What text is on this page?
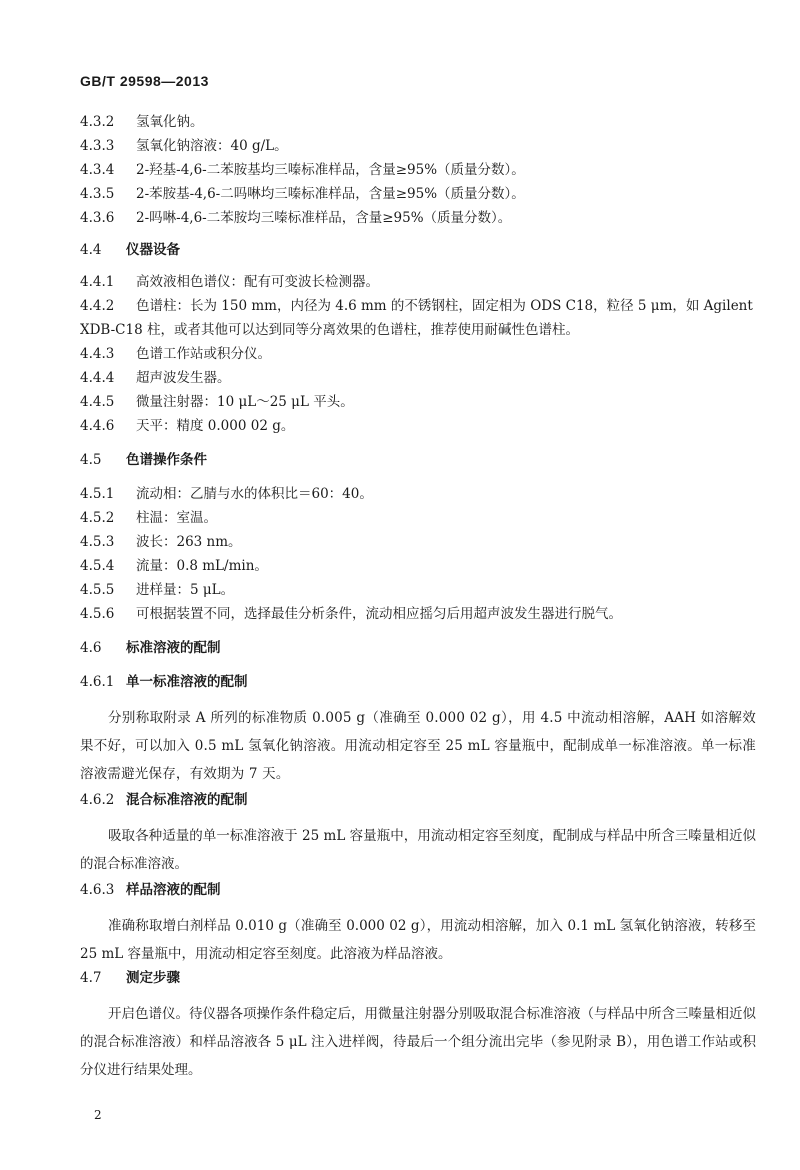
GB/T 29598—2013
4.3.2 氢氧化钠。
4.3.3 氢氧化钠溶液：40 g/L。
4.3.4 2-羟基-4,6-二苯胺基均三嗪标准样品，含量≥95%（质量分数）。
4.3.5 2-苯胺基-4,6-二吗啉均三嗪标准样品，含量≥95%（质量分数）。
4.3.6 2-吗啉-4,6-二苯胺均三嗪标准样品，含量≥95%（质量分数）。
4.4 仪器设备
4.4.1 高效液相色谱仪：配有可变波长检测器。
4.4.2 色谱柱：长为 150 mm，内径为 4.6 mm 的不锈钢柱，固定相为 ODS C18，粒径 5 μm，如 Agilent
XDB-C18 柱，或者其他可以达到同等分离效果的色谱柱，推荐使用耐碱性色谱柱。
4.4.3 色谱工作站或积分仪。
4.4.4 超声波发生器。
4.4.5 微量注射器：10 μL～25 μL 平头。
4.4.6 天平：精度 0.000 02 g。
4.5 色谱操作条件
4.5.1 流动相：乙腈与水的体积比＝60：40。
4.5.2 柱温：室温。
4.5.3 波长：263 nm。
4.5.4 流量：0.8 mL/min。
4.5.5 进样量：5 μL。
4.5.6 可根据装置不同，选择最佳分析条件，流动相应摇匀后用超声波发生器进行脱气。
4.6 标准溶液的配制
4.6.1 单一标准溶液的配制
分别称取附录 A 所列的标准物质 0.005 g（准确至 0.000 02 g），用 4.5 中流动相溶解，AAH 如溶解效果不好，可以加入 0.5 mL 氢氧化钠溶液。用流动相定容至 25 mL 容量瓶中，配制成单一标准溶液。单一标准溶液需避光保存，有效期为 7 天。
4.6.2 混合标准溶液的配制
吸取各种适量的单一标准溶液于 25 mL 容量瓶中，用流动相定容至刻度，配制成与样品中所含三嗪量相近似的混合标准溶液。
4.6.3 样品溶液的配制
准确称取增白剂样品 0.010 g（准确至 0.000 02 g），用流动相溶解，加入 0.1 mL 氢氧化钠溶液，转移至 25 mL 容量瓶中，用流动相定容至刻度。此溶液为样品溶液。
4.7 测定步骤
开启色谱仪。待仪器各项操作条件稳定后，用微量注射器分别吸取混合标准溶液（与样品中所含三嗪量相近似的混合标准溶液）和样品溶液各 5 μL 注入进样阀，待最后一个组分流出完毕（参见附录 B），用色谱工作站或积分仪进行结果处理。
2
